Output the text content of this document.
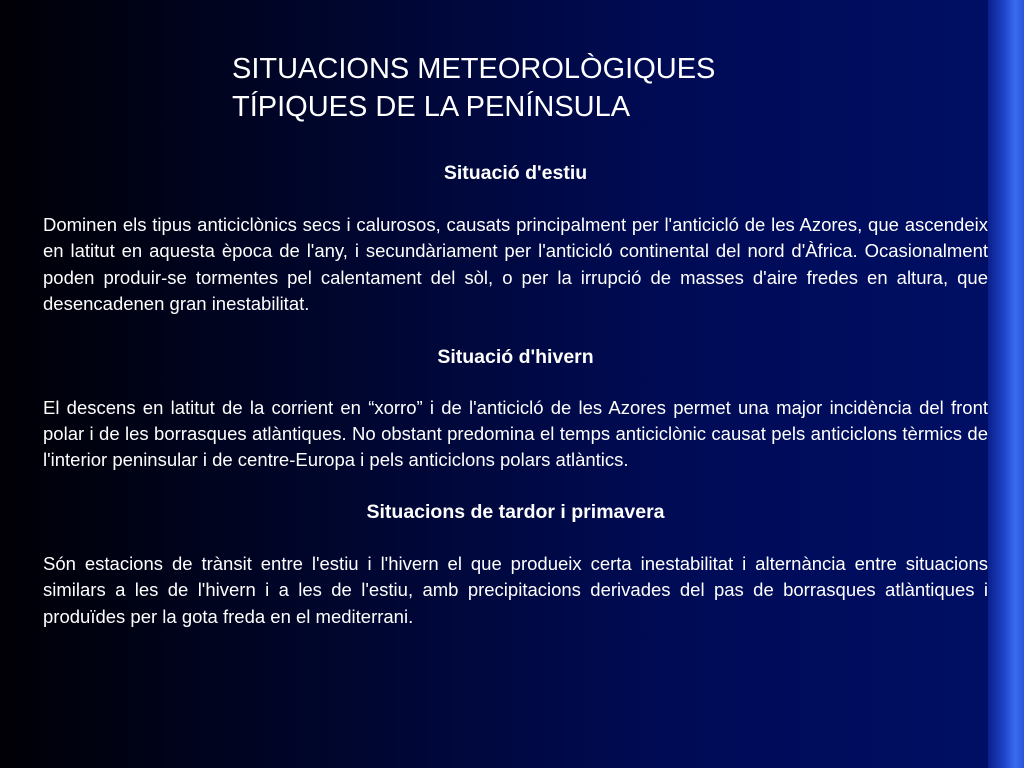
SITUACIONS METEOROLÒGIQUES
TÍPIQUES DE LA PENÍNSULA

Situació d'estiu

Dominen els tipus anticiclònics secs i calurosos, causats principalment per l'anticicló de les Azores, que ascendeix en latitut en aquesta època de l'any, i secundàriament per l'anticicló continental del nord d'Àfrica. Ocasionalment poden produir-se tormentes pel calentament del sòl, o per la irrupció de masses d'aire fredes en altura, que desencadenen gran inestabilitat.

Situació d'hivern

El descens en latitut de la corrient en “xorro” i de l'anticicló de les Azores permet una major incidència del front polar i de les borrasques atlàntiques. No obstant predomina el temps anticiclònic causat pels anticiclons tèrmics de l'interior peninsular i de centre-Europa i pels anticiclons polars atlàntics.

Situacions de tardor i primavera

Són estacions de trànsit entre l'estiu i l'hivern el que produeix certa inestabilitat i alternància entre situacions similars a les de l'hivern i a les de l'estiu, amb precipitacions derivades del pas de borrasques atlàntiques i produïdes per la gota freda en el mediterrani.
